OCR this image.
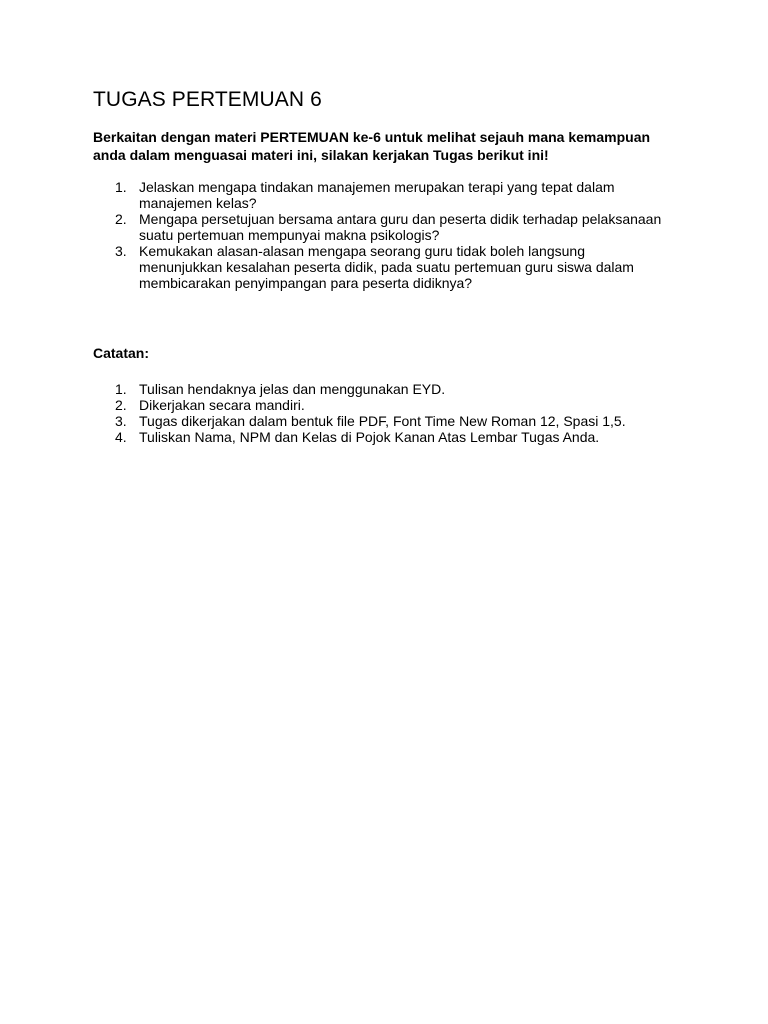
TUGAS PERTEMUAN 6

Berkaitan dengan materi PERTEMUAN ke-6 untuk melihat sejauh mana kemampuan anda dalam menguasai materi ini, silakan kerjakan Tugas berikut ini!

1. Jelaskan mengapa tindakan manajemen merupakan terapi yang tepat dalam manajemen kelas?
2. Mengapa persetujuan bersama antara guru dan peserta didik terhadap pelaksanaan suatu pertemuan mempunyai makna psikologis?
3. Kemukakan alasan-alasan mengapa seorang guru tidak boleh langsung menunjukkan kesalahan peserta didik, pada suatu pertemuan guru siswa dalam membicarakan penyimpangan para peserta didiknya?

Catatan:

1. Tulisan hendaknya jelas dan menggunakan EYD.
2. Dikerjakan secara mandiri.
3. Tugas dikerjakan dalam bentuk file PDF, Font Time New Roman 12, Spasi 1,5.
4. Tuliskan Nama, NPM dan Kelas di Pojok Kanan Atas Lembar Tugas Anda.
